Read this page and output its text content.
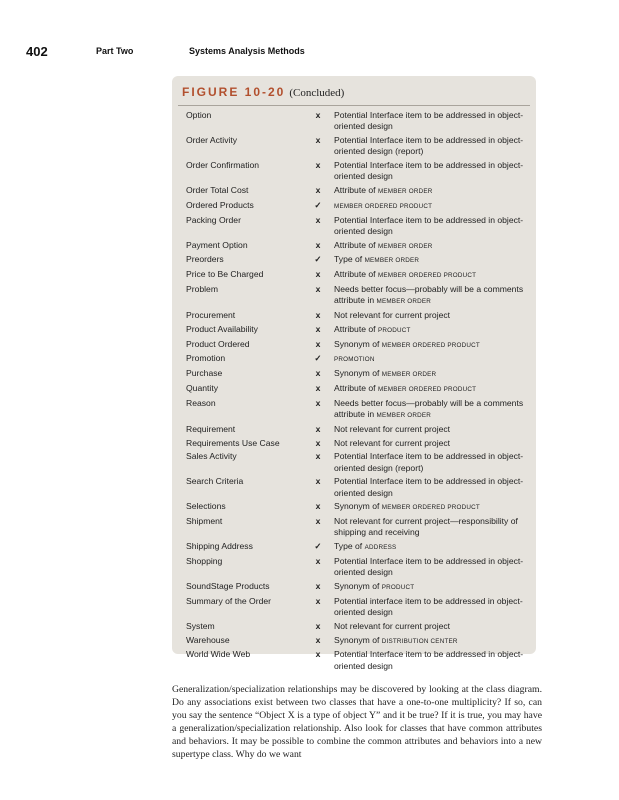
402	Part Two	Systems Analysis Methods
FIGURE 10-20 (Concluded)
Option	x	Potential Interface item to be addressed in object-oriented design
Order Activity	x	Potential Interface item to be addressed in object-oriented design (report)
Order Confirmation	x	Potential Interface item to be addressed in object-oriented design
Order Total Cost	x	Attribute of MEMBER ORDER
Ordered Products	✓	MEMBER ORDERED PRODUCT
Packing Order	x	Potential Interface item to be addressed in object-oriented design
Payment Option	x	Attribute of MEMBER ORDER
Preorders	✓	Type of MEMBER ORDER
Price to Be Charged	x	Attribute of MEMBER ORDERED PRODUCT
Problem	x	Needs better focus—probably will be a comments attribute in MEMBER ORDER
Procurement	x	Not relevant for current project
Product Availability	x	Attribute of PRODUCT
Product Ordered	x	Synonym of MEMBER ORDERED PRODUCT
Promotion	✓	PROMOTION
Purchase	x	Synonym of MEMBER ORDER
Quantity	x	Attribute of MEMBER ORDERED PRODUCT
Reason	x	Needs better focus—probably will be a comments attribute in MEMBER ORDER
Requirement	x	Not relevant for current project
Requirements Use Case	x	Not relevant for current project
Sales Activity	x	Potential Interface item to be addressed in object-oriented design (report)
Search Criteria	x	Potential Interface item to be addressed in object-oriented design
Selections	x	Synonym of MEMBER ORDERED PRODUCT
Shipment	x	Not relevant for current project—responsibility of shipping and receiving
Shipping Address	✓	Type of ADDRESS
Shopping	x	Potential Interface item to be addressed in object-oriented design
SoundStage Products	x	Synonym of PRODUCT
Summary of the Order	x	Potential interface item to be addressed in object-oriented design
System	x	Not relevant for current project
Warehouse	x	Synonym of DISTRIBUTION CENTER
World Wide Web	x	Potential Interface item to be addressed in object-oriented design

Generalization/specialization relationships may be discovered by looking at the class diagram. Do any associations exist between two classes that have a one-to-one multiplicity? If so, can you say the sentence “Object X is a type of object Y” and it be true? If it is true, you may have a generalization/specialization relationship. Also look for classes that have common attributes and behaviors. It may be possible to combine the common attributes and behaviors into a new supertype class. Why do we want
